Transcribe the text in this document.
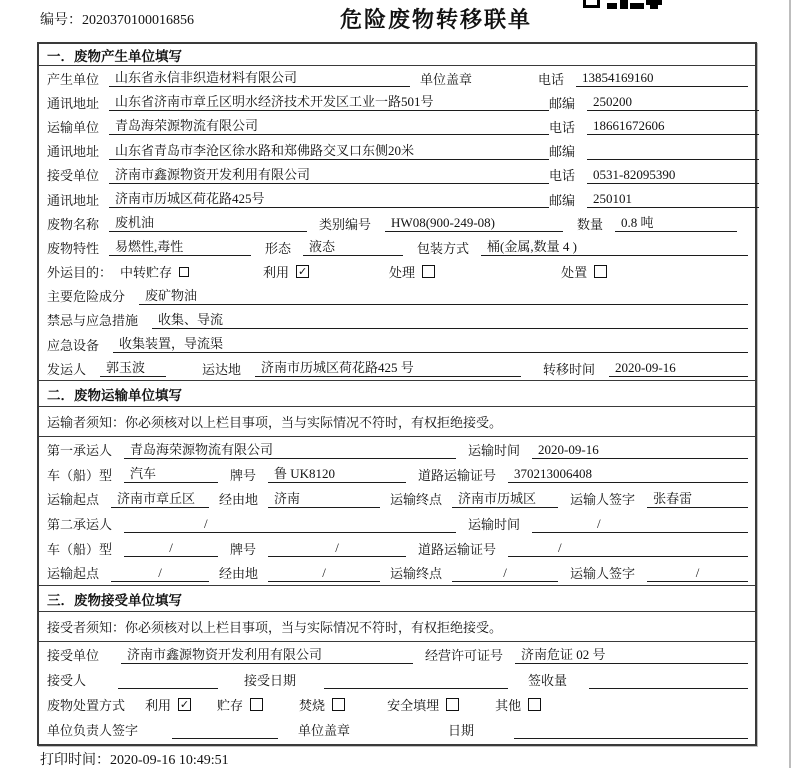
编号：2020370100016856	危险废物转移联单
一．废物产生单位填写
产生单位	山东省永信非织造材料有限公司	单位盖章	电话	13854169160
通讯地址	山东省济南市章丘区明水经济技术开发区工业一路501号	邮编	250200
运输单位	青岛海荣源物流有限公司	电话	18661672606
通讯地址	山东省青岛市李沧区徐水路和郑佛路交叉口东侧20米	邮编
接受单位	济南市鑫源物资开发利用有限公司	电话	0531-82095390
通讯地址	济南市历城区荷花路425号	邮编	250101
废物名称	废机油	类别编号	HW08(900-249-08)	数量	0.8 吨
废物特性	易燃性,毒性	形态	液态	包装方式	桶(金属,数量 4 )
外运目的： 中转贮存	利用 ✓	处理	处置
主要危险成分	废矿物油
禁忌与应急措施	收集、导流
应急设备	收集装置，导流渠
发运人	郭玉波	运达地	济南市历城区荷花路425 号	转移时间	2020-09-16
二．废物运输单位填写
运输者须知：你必须核对以上栏目事项，当与实际情况不符时，有权拒绝接受。
第一承运人	青岛海荣源物流有限公司	运输时间	2020-09-16
车（船）型	汽车	牌号	鲁 UK8120	道路运输证号	370213006408
运输起点	济南市章丘区	经由地	济南	运输终点	济南市历城区	运输人签字	张春雷
第二承运人	/	运输时间	/
车（船）型	/	牌号	/	道路运输证号	/
运输起点	/	经由地	/	运输终点	/	运输人签字	/
三．废物接受单位填写
接受者须知：你必须核对以上栏目事项，当与实际情况不符时，有权拒绝接受。
接受单位	济南市鑫源物资开发利用有限公司	经营许可证号	济南危证 02 号
接受人	接受日期	签收量
废物处置方式 利用 ✓ 贮存	焚烧	安全填埋	其他
单位负责人签字	单位盖章	日期
打印时间：2020-09-16 10:49:51
